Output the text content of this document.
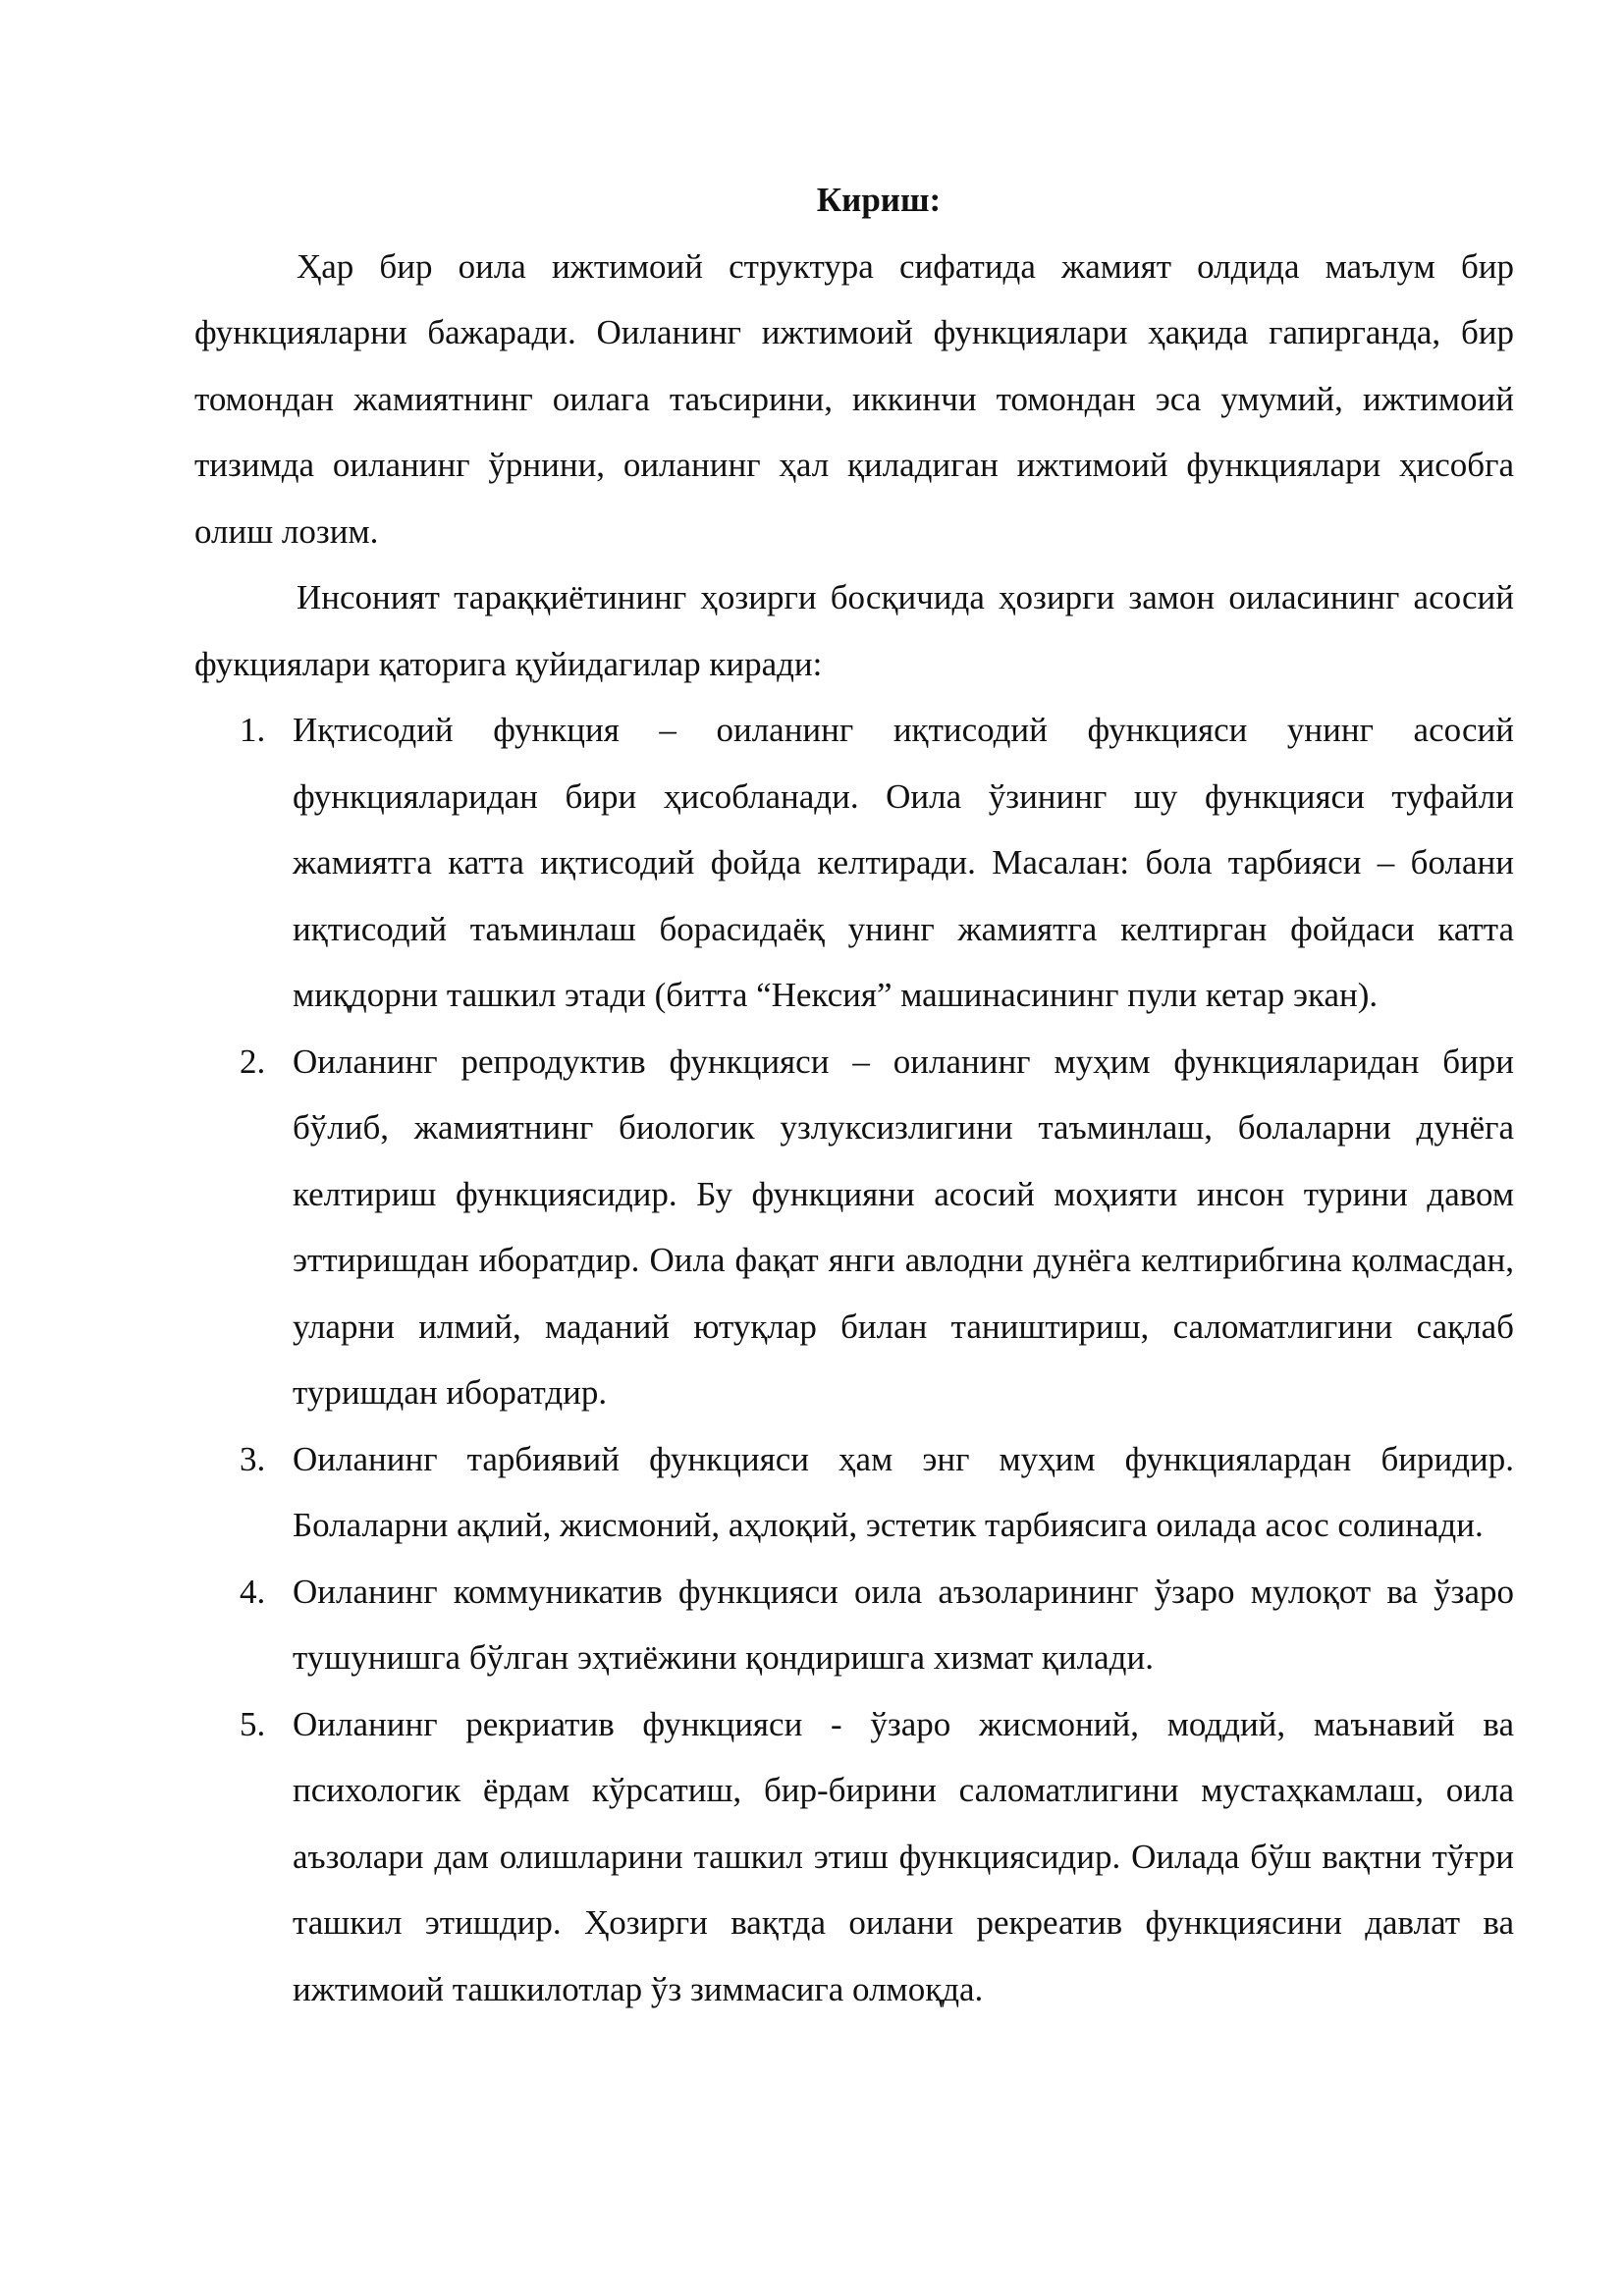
Кириш:

Ҳар бир оила ижтимоий структура сифатида жамият олдида маълум бир функцияларни бажаради. Оиланинг ижтимоий функциялари ҳақида гапирганда, бир томондан жамиятнинг оилага таъсирини, иккинчи томондан эса умумий, ижтимоий тизимда оиланинг ўрнини, оиланинг ҳал қиладиган ижтимоий функциялари ҳисобга олиш лозим.

Инсоният тараққиётининг ҳозирги босқичида ҳозирги замон оиласининг асосий фукциялари қаторига қуйидагилар киради:

1. Иқтисодий функция – оиланинг иқтисодий функцияси унинг асосий функцияларидан бири ҳисобланади. Оила ўзининг шу функцияси туфайли жамиятга катта иқтисодий фойда келтиради. Масалан: бола тарбияси – болани иқтисодий таъминлаш борасидаёқ унинг жамиятга келтирган фойдаси катта миқдорни ташкил этади (битта “Нексия” машинасининг пули кетар экан).
2. Оиланинг репродуктив функцияси – оиланинг муҳим функцияларидан бири бўлиб, жамиятнинг биологик узлуксизлигини таъминлаш, болаларни дунёга келтириш функциясидир. Бу функцияни асосий моҳияти инсон турини давом эттиришдан иборатдир. Оила фақат янги авлодни дунёга келтирибгина қолмасдан, уларни илмий, маданий ютуқлар билан таништириш, саломатлигини сақлаб туришдан иборатдир.
3. Оиланинг тарбиявий функцияси ҳам энг муҳим функциялардан биридир. Болаларни ақлий, жисмоний, аҳлоқий, эстетик тарбиясига оилада асос солинади.
4. Оиланинг коммуникатив функцияси оила аъзоларининг ўзаро мулоқот ва ўзаро тушунишга бўлган эҳтиёжини қондиришга хизмат қилади.
5. Оиланинг рекриатив функцияси - ўзаро жисмоний, моддий, маънавий ва психологик ёрдам кўрсатиш, бир-бирини саломатлигини мустаҳкамлаш, оила аъзолари дам олишларини ташкил этиш функциясидир. Оилада бўш вақтни тўғри ташкил этишдир. Ҳозирги вақтда оилани рекреатив функциясини давлат ва ижтимоий ташкилотлар ўз зиммасига олмоқда.
